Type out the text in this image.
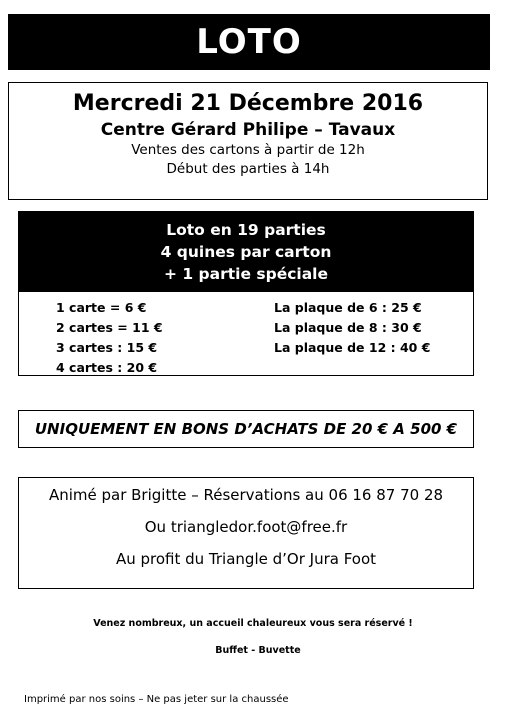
LOTO
Mercredi 21 Décembre 2016
Centre Gérard Philipe – Tavaux
Ventes des cartons à partir de 12h
Début des parties à 14h
Loto en 19 parties
4 quines par carton
+ 1 partie spéciale
1 carte = 6 €
2 cartes = 11 €
3 cartes : 15 €
4 cartes : 20 €
La plaque de 6 : 25 €
La plaque de 8 : 30 €
La plaque de 12 : 40 €
UNIQUEMENT EN BONS D’ACHATS DE 20 € A 500 €
Animé par Brigitte – Réservations au 06 16 87 70 28
Ou triangledor.foot@free.fr
Au profit du Triangle d’Or Jura Foot
Venez nombreux, un accueil chaleureux vous sera réservé !
Buffet - Buvette
Imprimé par nos soins – Ne pas jeter sur la chaussée
